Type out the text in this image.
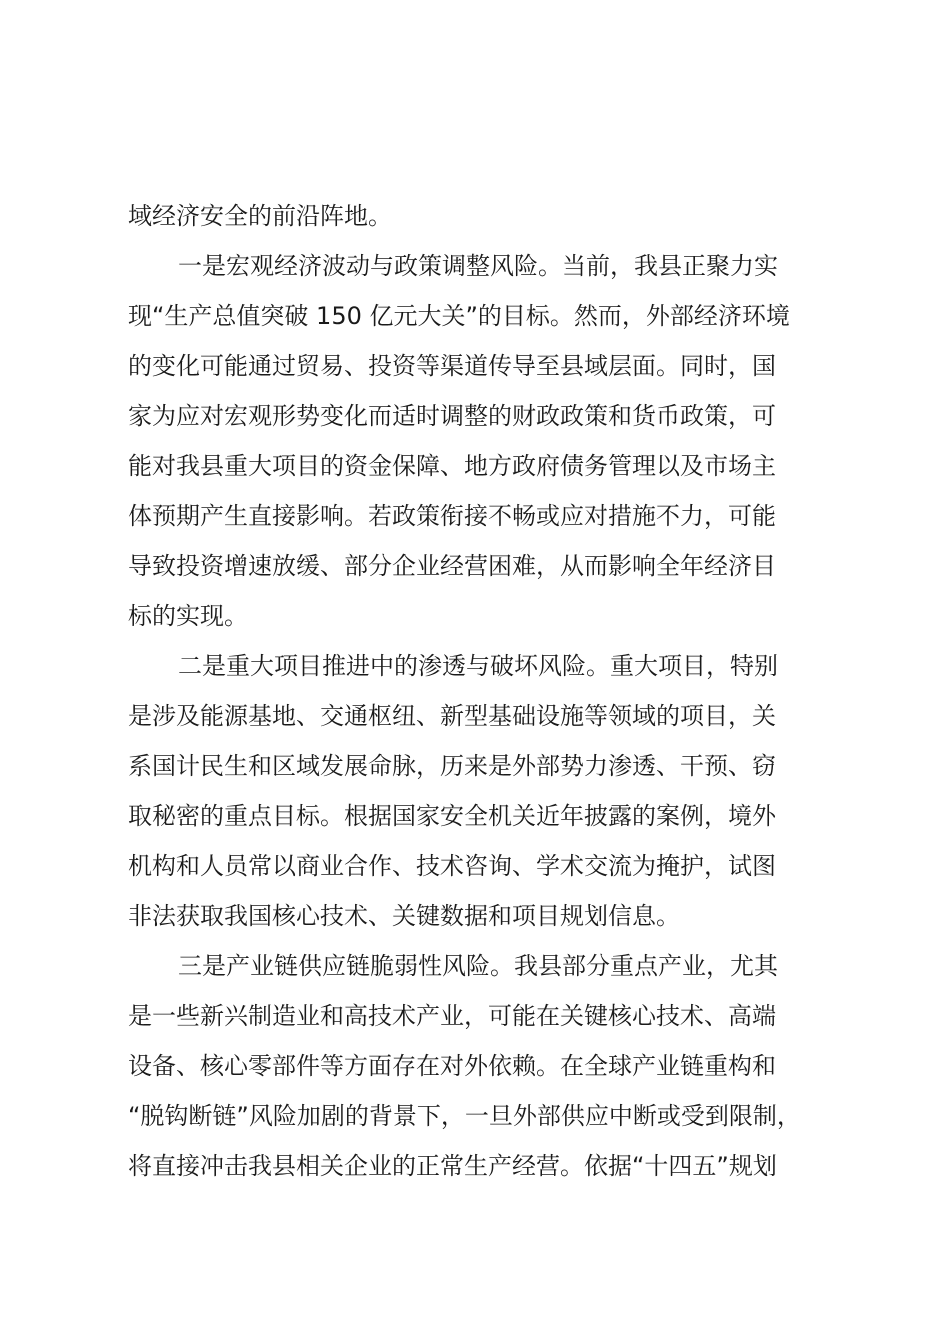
域经济安全的前沿阵地。
一是宏观经济波动与政策调整风险。当前，我县正聚力实
现“生产总值突破 150 亿元大关”的目标。然而，外部经济环境
的变化可能通过贸易、投资等渠道传导至县域层面。同时，国
家为应对宏观形势变化而适时调整的财政政策和货币政策，可
能对我县重大项目的资金保障、地方政府债务管理以及市场主
体预期产生直接影响。若政策衔接不畅或应对措施不力，可能
导致投资增速放缓、部分企业经营困难，从而影响全年经济目
标的实现。
二是重大项目推进中的渗透与破坏风险。重大项目，特别
是涉及能源基地、交通枢纽、新型基础设施等领域的项目，关
系国计民生和区域发展命脉，历来是外部势力渗透、干预、窃
取秘密的重点目标。根据国家安全机关近年披露的案例，境外
机构和人员常以商业合作、技术咨询、学术交流为掩护，试图
非法获取我国核心技术、关键数据和项目规划信息。
三是产业链供应链脆弱性风险。我县部分重点产业，尤其
是一些新兴制造业和高技术产业，可能在关键核心技术、高端
设备、核心零部件等方面存在对外依赖。在全球产业链重构和
“脱钩断链”风险加剧的背景下，一旦外部供应中断或受到限制，
将直接冲击我县相关企业的正常生产经营。依据“十四五”规划
